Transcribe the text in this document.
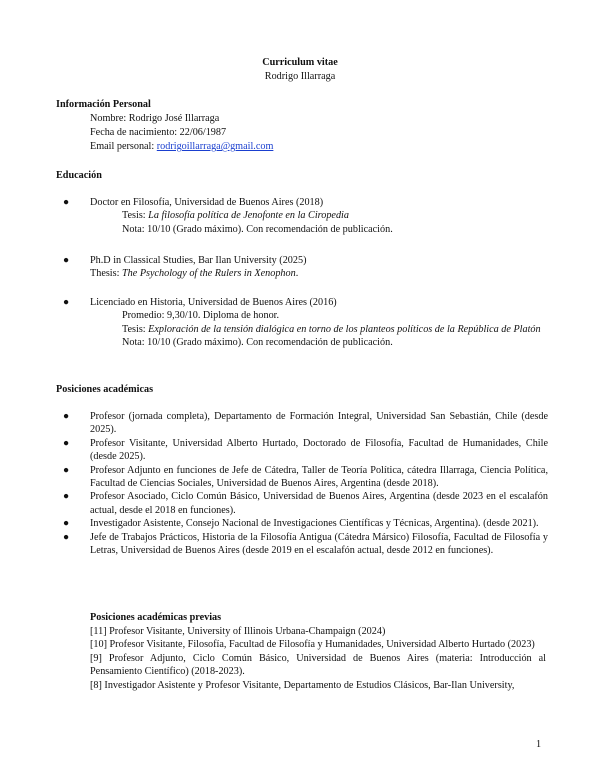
Curriculum vitae
Rodrigo Illarraga
Información Personal
Nombre: Rodrigo José Illarraga
Fecha de nacimiento: 22/06/1987
Email personal: rodrigoillarraga@gmail.com
Educación
● Doctor en Filosofía, Universidad de Buenos Aires (2018)
Tesis: La filosofía política de Jenofonte en la Ciropedia
Nota: 10/10 (Grado máximo). Con recomendación de publicación.
● Ph.D in Classical Studies, Bar Ilan University (2025)
Thesis: The Psychology of the Rulers in Xenophon.
● Licenciado en Historia, Universidad de Buenos Aires (2016)
Promedio: 9,30/10. Diploma de honor.
Tesis: Exploración de la tensión dialógica en torno de los planteos políticos de la República de Platón
Nota: 10/10 (Grado máximo). Con recomendación de publicación.
Posiciones académicas
● Profesor (jornada completa), Departamento de Formación Integral, Universidad San Sebastián, Chile (desde 2025).
● Profesor Visitante, Universidad Alberto Hurtado, Doctorado de Filosofía, Facultad de Humanidades, Chile (desde 2025).
● Profesor Adjunto en funciones de Jefe de Cátedra, Taller de Teoría Política, cátedra Illarraga, Ciencia Política, Facultad de Ciencias Sociales, Universidad de Buenos Aires, Argentina (desde 2018).
● Profesor Asociado, Ciclo Común Básico, Universidad de Buenos Aires, Argentina (desde 2023 en el escalafón actual, desde el 2018 en funciones).
● Investigador Asistente, Consejo Nacional de Investigaciones Científicas y Técnicas, Argentina). (desde 2021).
● Jefe de Trabajos Prácticos, Historia de la Filosofía Antigua (Cátedra Mársico) Filosofía, Facultad de Filosofía y Letras, Universidad de Buenos Aires (desde 2019 en el escalafón actual, desde 2012 en funciones).
Posiciones académicas previas

[11] Profesor Visitante, University of Illinois Urbana-Champaign (2024)

[10] Profesor Visitante, Filosofía, Facultad de Filosofía y Humanidades, Universidad Alberto Hurtado (2023)

[9] Profesor Adjunto, Ciclo Común Básico, Universidad de Buenos Aires (materia: Introducción al Pensamiento Científico) (2018-2023).

[8] Investigador Asistente y Profesor Visitante, Departamento de Estudios Clásicos, Bar-Ilan University,

1
